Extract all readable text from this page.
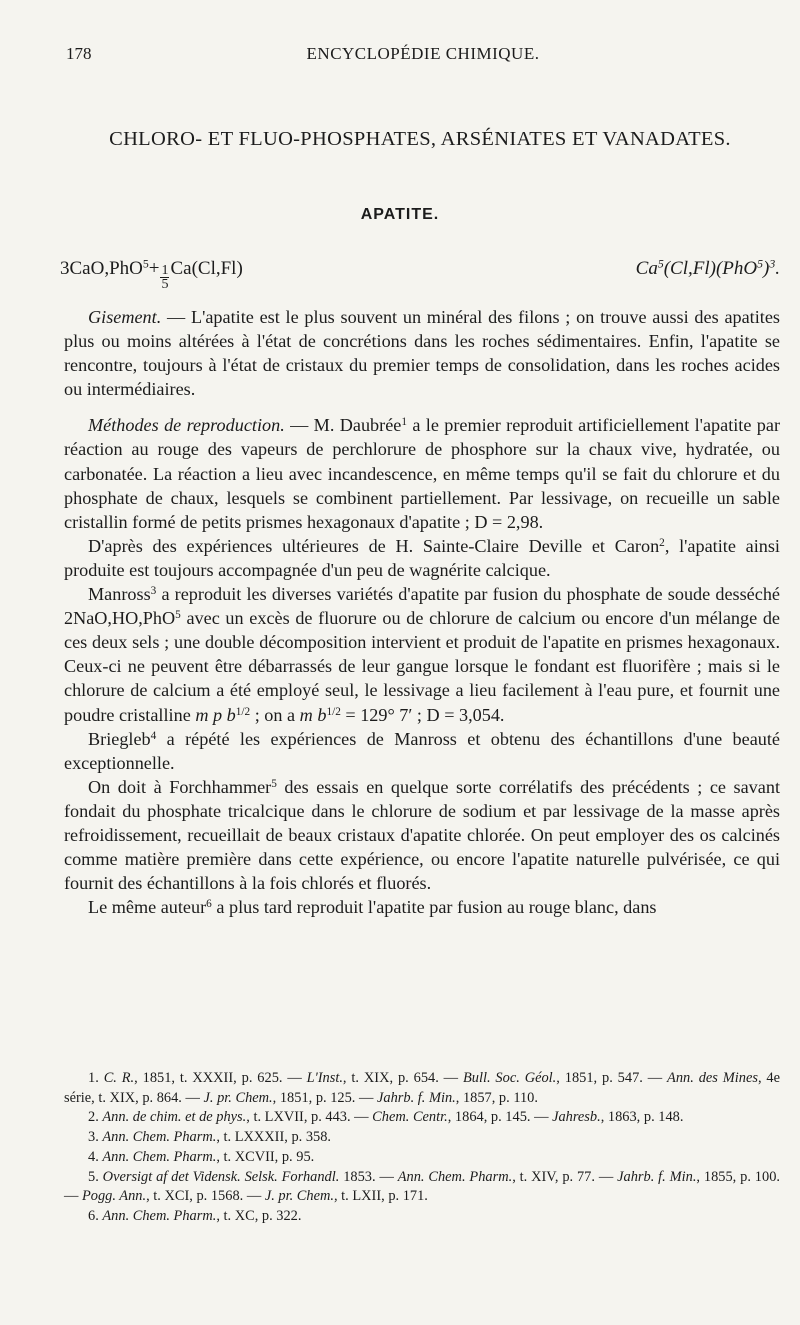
178	ENCYCLOPÉDIE CHIMIQUE.
CHLORO- ET FLUO-PHOSPHATES, ARSÉNIATES ET VANADATES.
APATITE.
$3CaO,PhO^5+ \frac{1}{5} Ca(Cl,Fl)$	$Ca^5(Cl,Fl)(PhO^5)^3$.

Gisement. — L'apatite est le plus souvent un minéral des filons ; on trouve aussi des apatites plus ou moins altérées à l'état de concrétions dans les roches sédimentaires. Enfin, l'apatite se rencontre, toujours à l'état de cristaux du premier temps de consolidation, dans les roches acides ou intermédiaires.

Méthodes de reproduction. — M. Daubrée$^1$ a le premier reproduit artificiellement l'apatite par réaction au rouge des vapeurs de perchlorure de phosphore sur la chaux vive, hydratée, ou carbonatée. La réaction a lieu avec incandescence, en même temps qu'il se fait du chlorure et du phosphate de chaux, lesquels se combinent partiellement. Par lessivage, on recueille un sable cristallin formé de petits prismes hexagonaux d'apatite ; D = 2,98.

D'après des expériences ultérieures de H. Sainte-Claire Deville et Caron$^2$, l'apatite ainsi produite est toujours accompagnée d'un peu de wagnérite calcique.

Manross$^3$ a reproduit les diverses variétés d'apatite par fusion du phosphate de soude desséché 2NaO,HO,PhO$^5$ avec un excès de fluorure ou de chlorure de calcium ou encore d'un mélange de ces deux sels ; une double décomposition intervient et produit de l'apatite en prismes hexagonaux. Ceux-ci ne peuvent être débarrassés de leur gangue lorsque le fondant est fluorifère ; mais si le chlorure de calcium a été employé seul, le lessivage a lieu facilement à l'eau pure, et fournit une poudre cristalline m p $b^{1/2}$ ; on a m $b^{1/2} = 129^\circ$ 7′ ; D = 3,054.

Briegleb$^4$ a répété les expériences de Manross et obtenu des échantillons d'une beauté exceptionnelle.

On doit à Forchhammer$^5$ des essais en quelque sorte corrélatifs des précédents ; ce savant fondait du phosphate tricalcique dans le chlorure de sodium et par lessivage de la masse après refroidissement, recueillait de beaux cristaux d'apatite chlorée. On peut employer des os calcinés comme matière première dans cette expérience, ou encore l'apatite naturelle pulvérisée, ce qui fournit des échantillons à la fois chlorés et fluorés.

Le même auteur$^6$ a plus tard reproduit l'apatite par fusion au rouge blanc, dans

1. C. R., 1851, t. XXXII, p. 625. — L'Inst., t. XIX, p. 654. — Bull. Soc. Géol., 1851, p. 547. — Ann. des Mines, 4e série, t. XIX, p. 864. — J. pr. Chem., 1851, p. 125. — Jahrb. f. Min., 1857, p. 110.

2. Ann. de chim. et de phys., t. LXVII, p. 443. — Chem. Centr., 1864, p. 145. — Jahresb., 1863, p. 148.

3. Ann. Chem. Pharm., t. LXXXII, p. 358.

4. Ann. Chem. Pharm., t. XCVII, p. 95.

5. Oversigt af det Vidensk. Selsk. Forhandl. 1853. — Ann. Chem. Pharm., t. XIV, p. 77. — Jahrb. f. Min., 1855, p. 100. — Pogg. Ann., t. XCI, p. 1568. — J. pr. Chem., t. LXII, p. 171.

6. Ann. Chem. Pharm., t. XC, p. 322.
